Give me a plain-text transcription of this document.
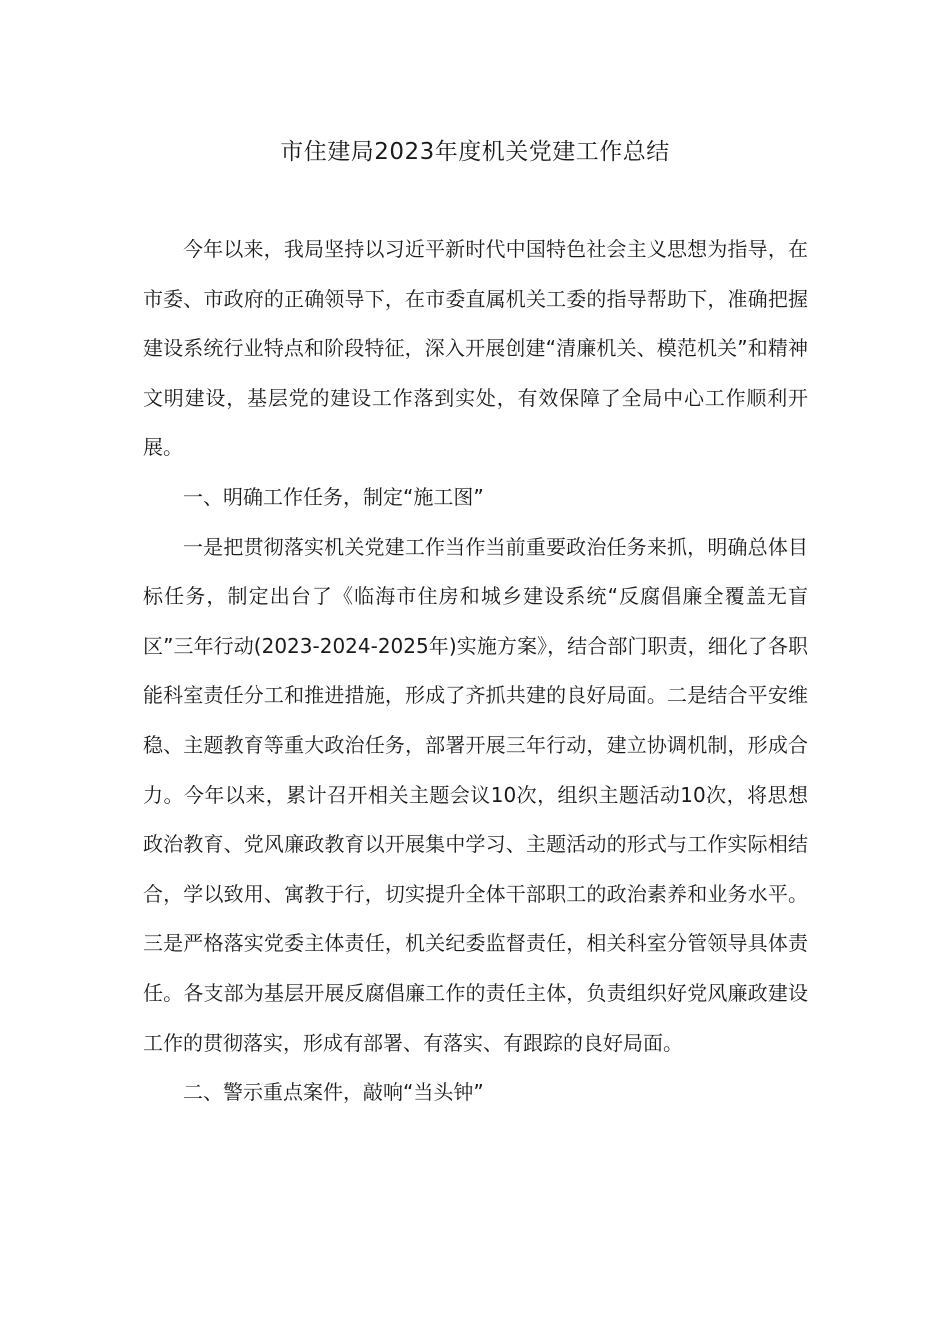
市住建局2023年度机关党建工作总结

今年以来，我局坚持以习近平新时代中国特色社会主义思想为指导，在市委、市政府的正确领导下，在市委直属机关工委的指导帮助下，准确把握建设系统行业特点和阶段特征，深入开展创建“清廉机关、模范机关”和精神文明建设，基层党的建设工作落到实处，有效保障了全局中心工作顺利开展。

一、明确工作任务，制定“施工图”

一是把贯彻落实机关党建工作当作当前重要政治任务来抓，明确总体目标任务，制定出台了《临海市住房和城乡建设系统“反腐倡廉全覆盖无盲区”三年行动(2023-2024-2025年)实施方案》，结合部门职责，细化了各职能科室责任分工和推进措施，形成了齐抓共建的良好局面。二是结合平安维稳、主题教育等重大政治任务，部署开展三年行动，建立协调机制，形成合力。今年以来，累计召开相关主题会议10次，组织主题活动10次，将思想政治教育、党风廉政教育以开展集中学习、主题活动的形式与工作实际相结合，学以致用、寓教于行，切实提升全体干部职工的政治素养和业务水平。三是严格落实党委主体责任，机关纪委监督责任，相关科室分管领导具体责任。各支部为基层开展反腐倡廉工作的责任主体，负责组织好党风廉政建设工作的贯彻落实，形成有部署、有落实、有跟踪的良好局面。

二、警示重点案件，敲响“当头钟”
